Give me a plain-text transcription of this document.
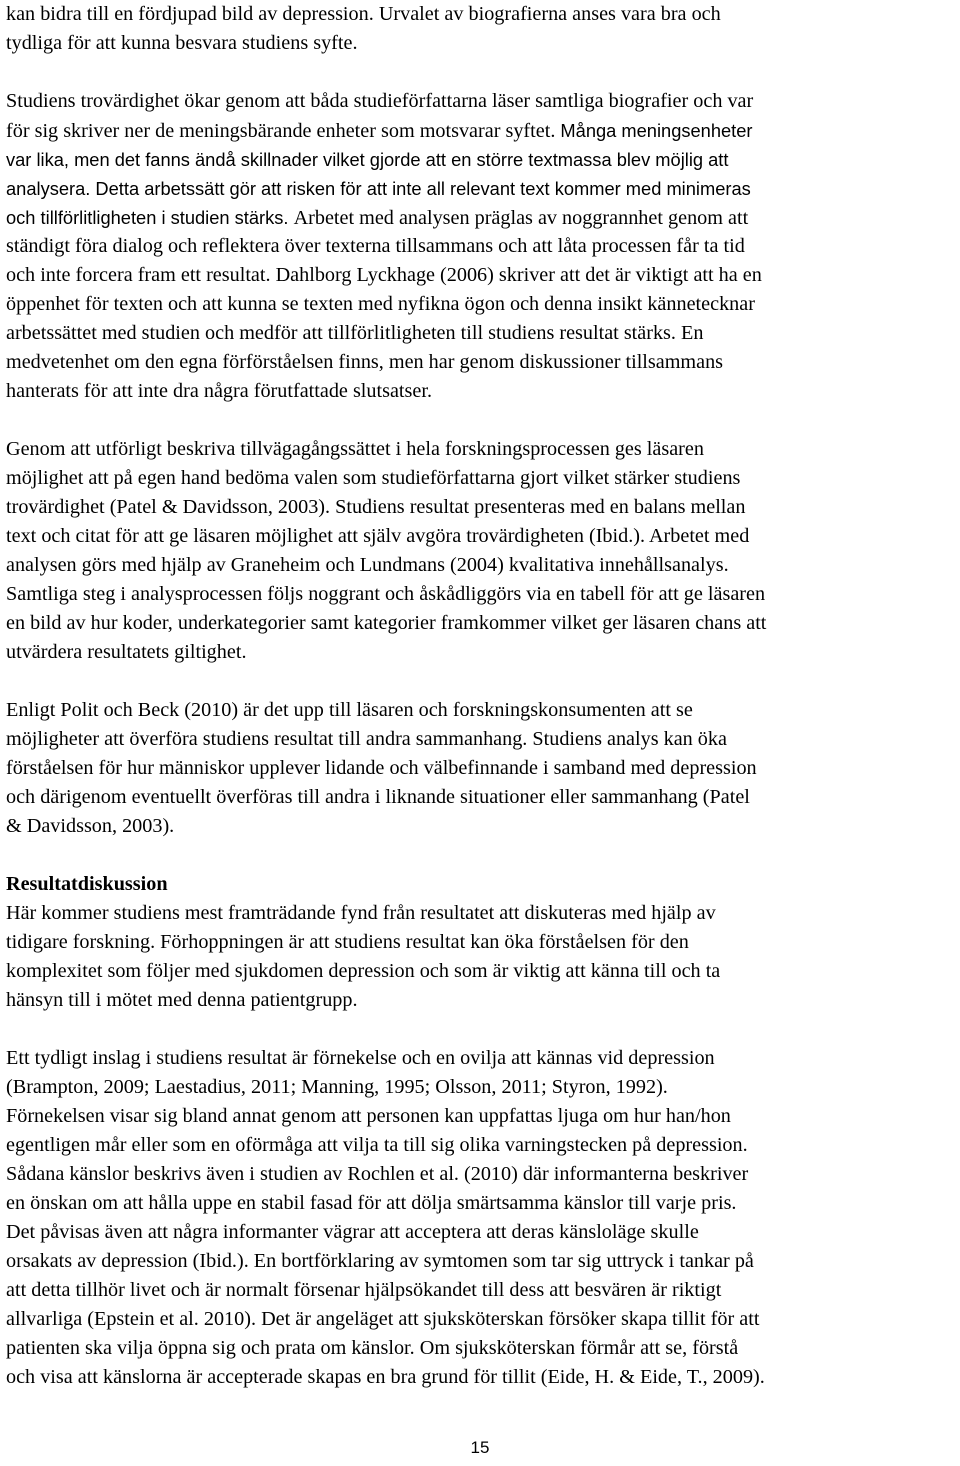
kan bidra till en fördjupad bild av depression. Urvalet av biografierna anses vara bra och
tydliga för att kunna besvara studiens syfte.
Studiens trovärdighet ökar genom att båda studieförfattarna läser samtliga biografier och var
för sig skriver ner de meningsbärande enheter som motsvarar syftet. Många meningsenheter
var lika, men det fanns ändå skillnader vilket gjorde att en större textmassa blev möjlig att
analysera. Detta arbetssätt gör att risken för att inte all relevant text kommer med minimeras
och tillförlitligheten i studien stärks. Arbetet med analysen präglas av noggrannhet genom att
ständigt föra dialog och reflektera över texterna tillsammans och att låta processen får ta tid
och inte forcera fram ett resultat. Dahlborg Lyckhage (2006) skriver att det är viktigt att ha en
öppenhet för texten och att kunna se texten med nyfikna ögon och denna insikt kännetecknar
arbetssättet med studien och medför att tillförlitligheten till studiens resultat stärks. En
medvetenhet om den egna förförståelsen finns, men har genom diskussioner tillsammans
hanterats för att inte dra några förutfattade slutsatser.
Genom att utförligt beskriva tillvägagångssättet i hela forskningsprocessen ges läsaren
möjlighet att på egen hand bedöma valen som studieförfattarna gjort vilket stärker studiens
trovärdighet (Patel & Davidsson, 2003). Studiens resultat presenteras med en balans mellan
text och citat för att ge läsaren möjlighet att själv avgöra trovärdigheten (Ibid.). Arbetet med
analysen görs med hjälp av Graneheim och Lundmans (2004) kvalitativa innehållsanalys.
Samtliga steg i analysprocessen följs noggrant och åskådliggörs via en tabell för att ge läsaren
en bild av hur koder, underkategorier samt kategorier framkommer vilket ger läsaren chans att
utvärdera resultatets giltighet.
Enligt Polit och Beck (2010) är det upp till läsaren och forskningskonsumenten att se
möjligheter att överföra studiens resultat till andra sammanhang. Studiens analys kan öka
förståelsen för hur människor upplever lidande och välbefinnande i samband med depression
och därigenom eventuellt överföras till andra i liknande situationer eller sammanhang (Patel
& Davidsson, 2003).
Resultatdiskussion
Här kommer studiens mest framträdande fynd från resultatet att diskuteras med hjälp av
tidigare forskning. Förhoppningen är att studiens resultat kan öka förståelsen för den
komplexitet som följer med sjukdomen depression och som är viktig att känna till och ta
hänsyn till i mötet med denna patientgrupp.
Ett tydligt inslag i studiens resultat är förnekelse och en ovilja att kännas vid depression
(Brampton, 2009; Laestadius, 2011; Manning, 1995; Olsson, 2011; Styron, 1992).
Förnekelsen visar sig bland annat genom att personen kan uppfattas ljuga om hur han/hon
egentligen mår eller som en oförmåga att vilja ta till sig olika varningstecken på depression.
Sådana känslor beskrivs även i studien av Rochlen et al. (2010) där informanterna beskriver
en önskan om att hålla uppe en stabil fasad för att dölja smärtsamma känslor till varje pris.
Det påvisas även att några informanter vägrar att acceptera att deras känsloläge skulle
orsakats av depression (Ibid.). En bortförklaring av symtomen som tar sig uttryck i tankar på
att detta tillhör livet och är normalt försenar hjälpsökandet till dess att besvären är riktigt
allvarliga (Epstein et al. 2010). Det är angeläget att sjuksköterskan försöker skapa tillit för att
patienten ska vilja öppna sig och prata om känslor. Om sjuksköterskan förmår att se, förstå
och visa att känslorna är accepterade skapas en bra grund för tillit (Eide, H. & Eide, T., 2009).
15
